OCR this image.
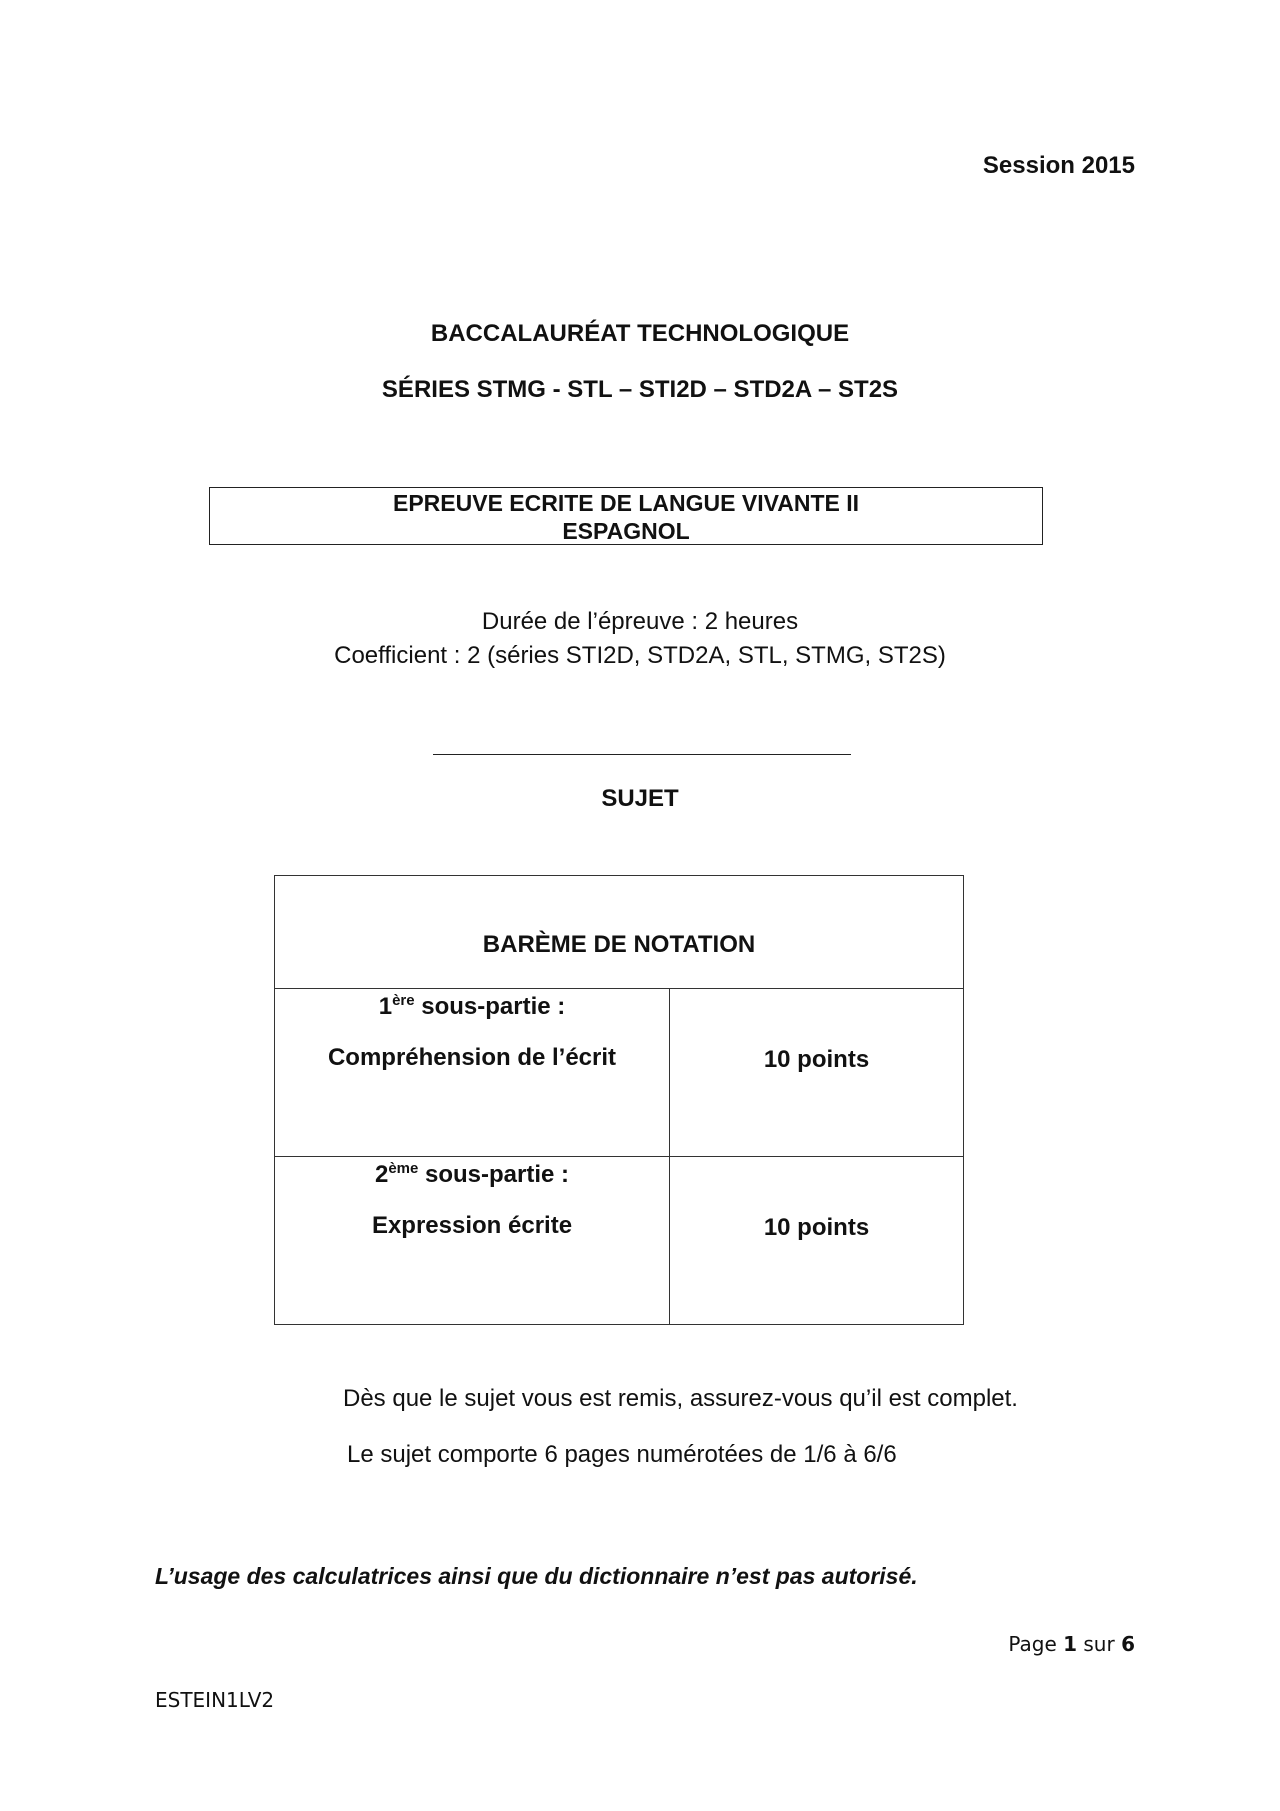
Session 2015
BACCALAURÉAT TECHNOLOGIQUE
SÉRIES STMG - STL – STI2D – STD2A – ST2S
EPREUVE ECRITE DE LANGUE VIVANTE II
ESPAGNOL
Durée de l’épreuve : 2 heures
Coefficient : 2 (séries STI2D, STD2A, STL, STMG, ST2S)
SUJET
BARÈME DE NOTATION	

1ère sous-partie :
Compréhension de l’écrit	10 points

2ème sous-partie :
Expression écrite	10 points
Dès que le sujet vous est remis, assurez-vous qu’il est complet.
Le sujet comporte 6 pages numérotées de 1/6 à 6/6
L’usage des calculatrices ainsi que du dictionnaire n’est pas autorisé.
Page 1 sur 6
ESTEIN1LV2
